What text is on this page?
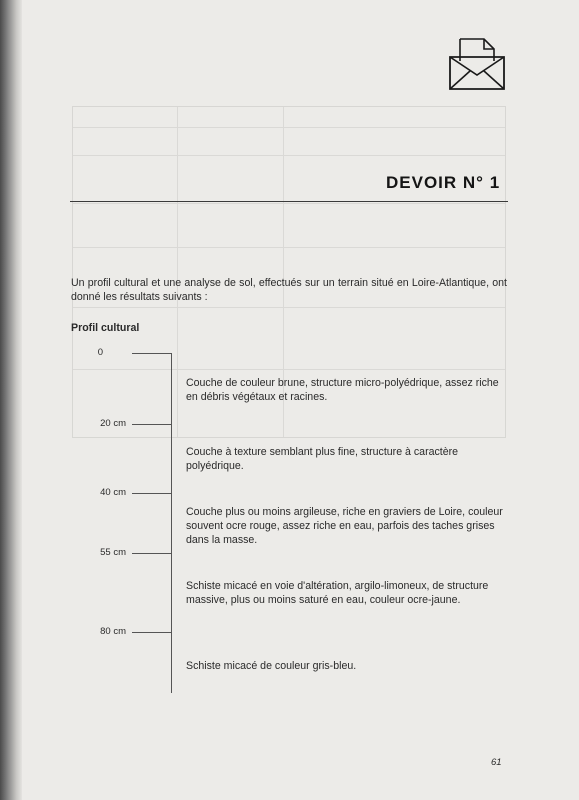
DEVOIR N° 1
Un profil cultural et une analyse de sol, effectués sur un terrain situé en Loire-Atlantique, ont donné les résultats suivants :
Profil cultural
0
20 cm
40 cm
55 cm
80 cm
Couche de couleur brune, structure micro-polyédrique, assez riche en débris végétaux et racines.
Couche à texture semblant plus fine, structure à caractère polyédrique.
Couche plus ou moins argileuse, riche en graviers de Loire, couleur souvent ocre rouge, assez riche en eau, parfois des taches grises dans la masse.
Schiste micacé en voie d'altération, argilo-limoneux, de structure massive, plus ou moins saturé en eau, couleur ocre-jaune.
Schiste micacé de couleur gris-bleu.
61
